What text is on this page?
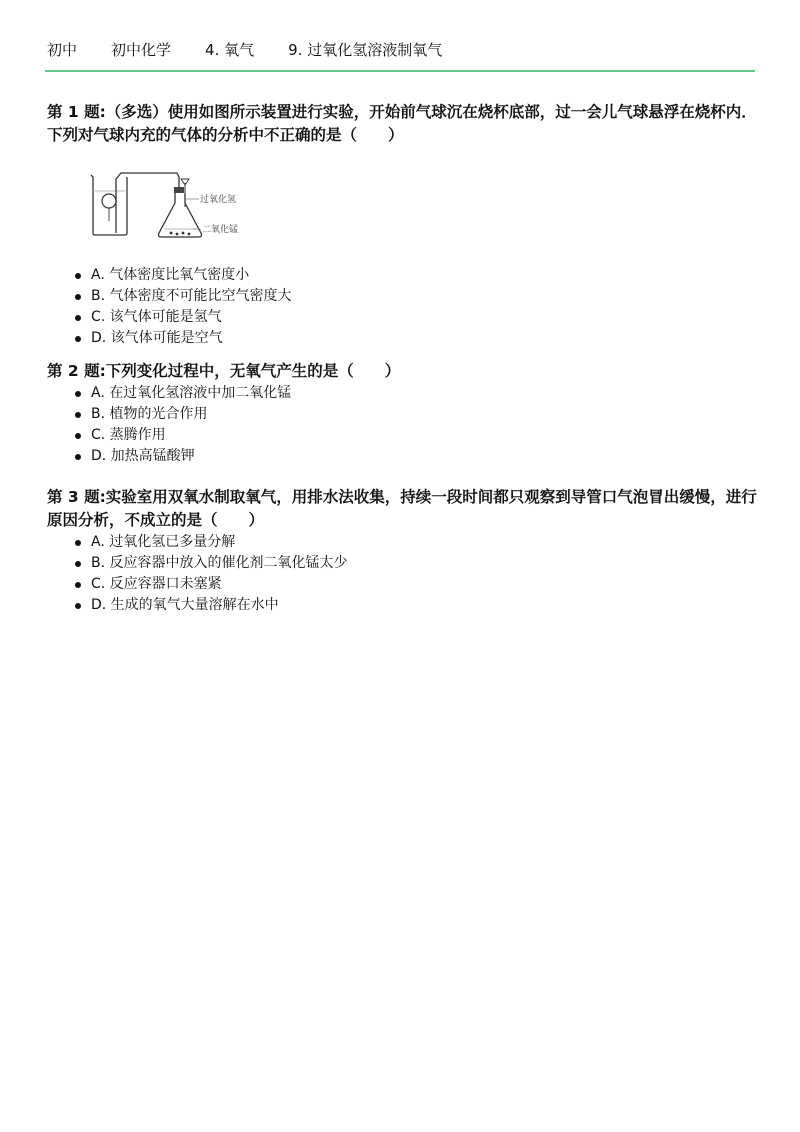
初中 初中化学 4. 氧气 9. 过氧化氢溶液制氧气

第 1 题:（多选）使用如图所示装置进行实验，开始前气球沉在烧杯底部，过一会儿气球悬浮在烧杯内．下列对气球内充的气体的分析中不正确的是（　　）

过氧化氢
二氧化锰
A. 气体密度比氧气密度小
B. 气体密度不可能比空气密度大
C. 该气体可能是氢气
D. 该气体可能是空气

第 2 题:下列变化过程中，无氧气产生的是（　　）

A. 在过氧化氢溶液中加二氧化锰
B. 植物的光合作用
C. 蒸腾作用
D. 加热高锰酸钾

第 3 题:实验室用双氧水制取氧气，用排水法收集，持续一段时间都只观察到导管口气泡冒出缓慢，进行原因分析，不成立的是（　　）

A. 过氧化氢已多量分解
B. 反应容器中放入的催化剂二氧化锰太少
C. 反应容器口未塞紧
D. 生成的氧气大量溶解在水中
